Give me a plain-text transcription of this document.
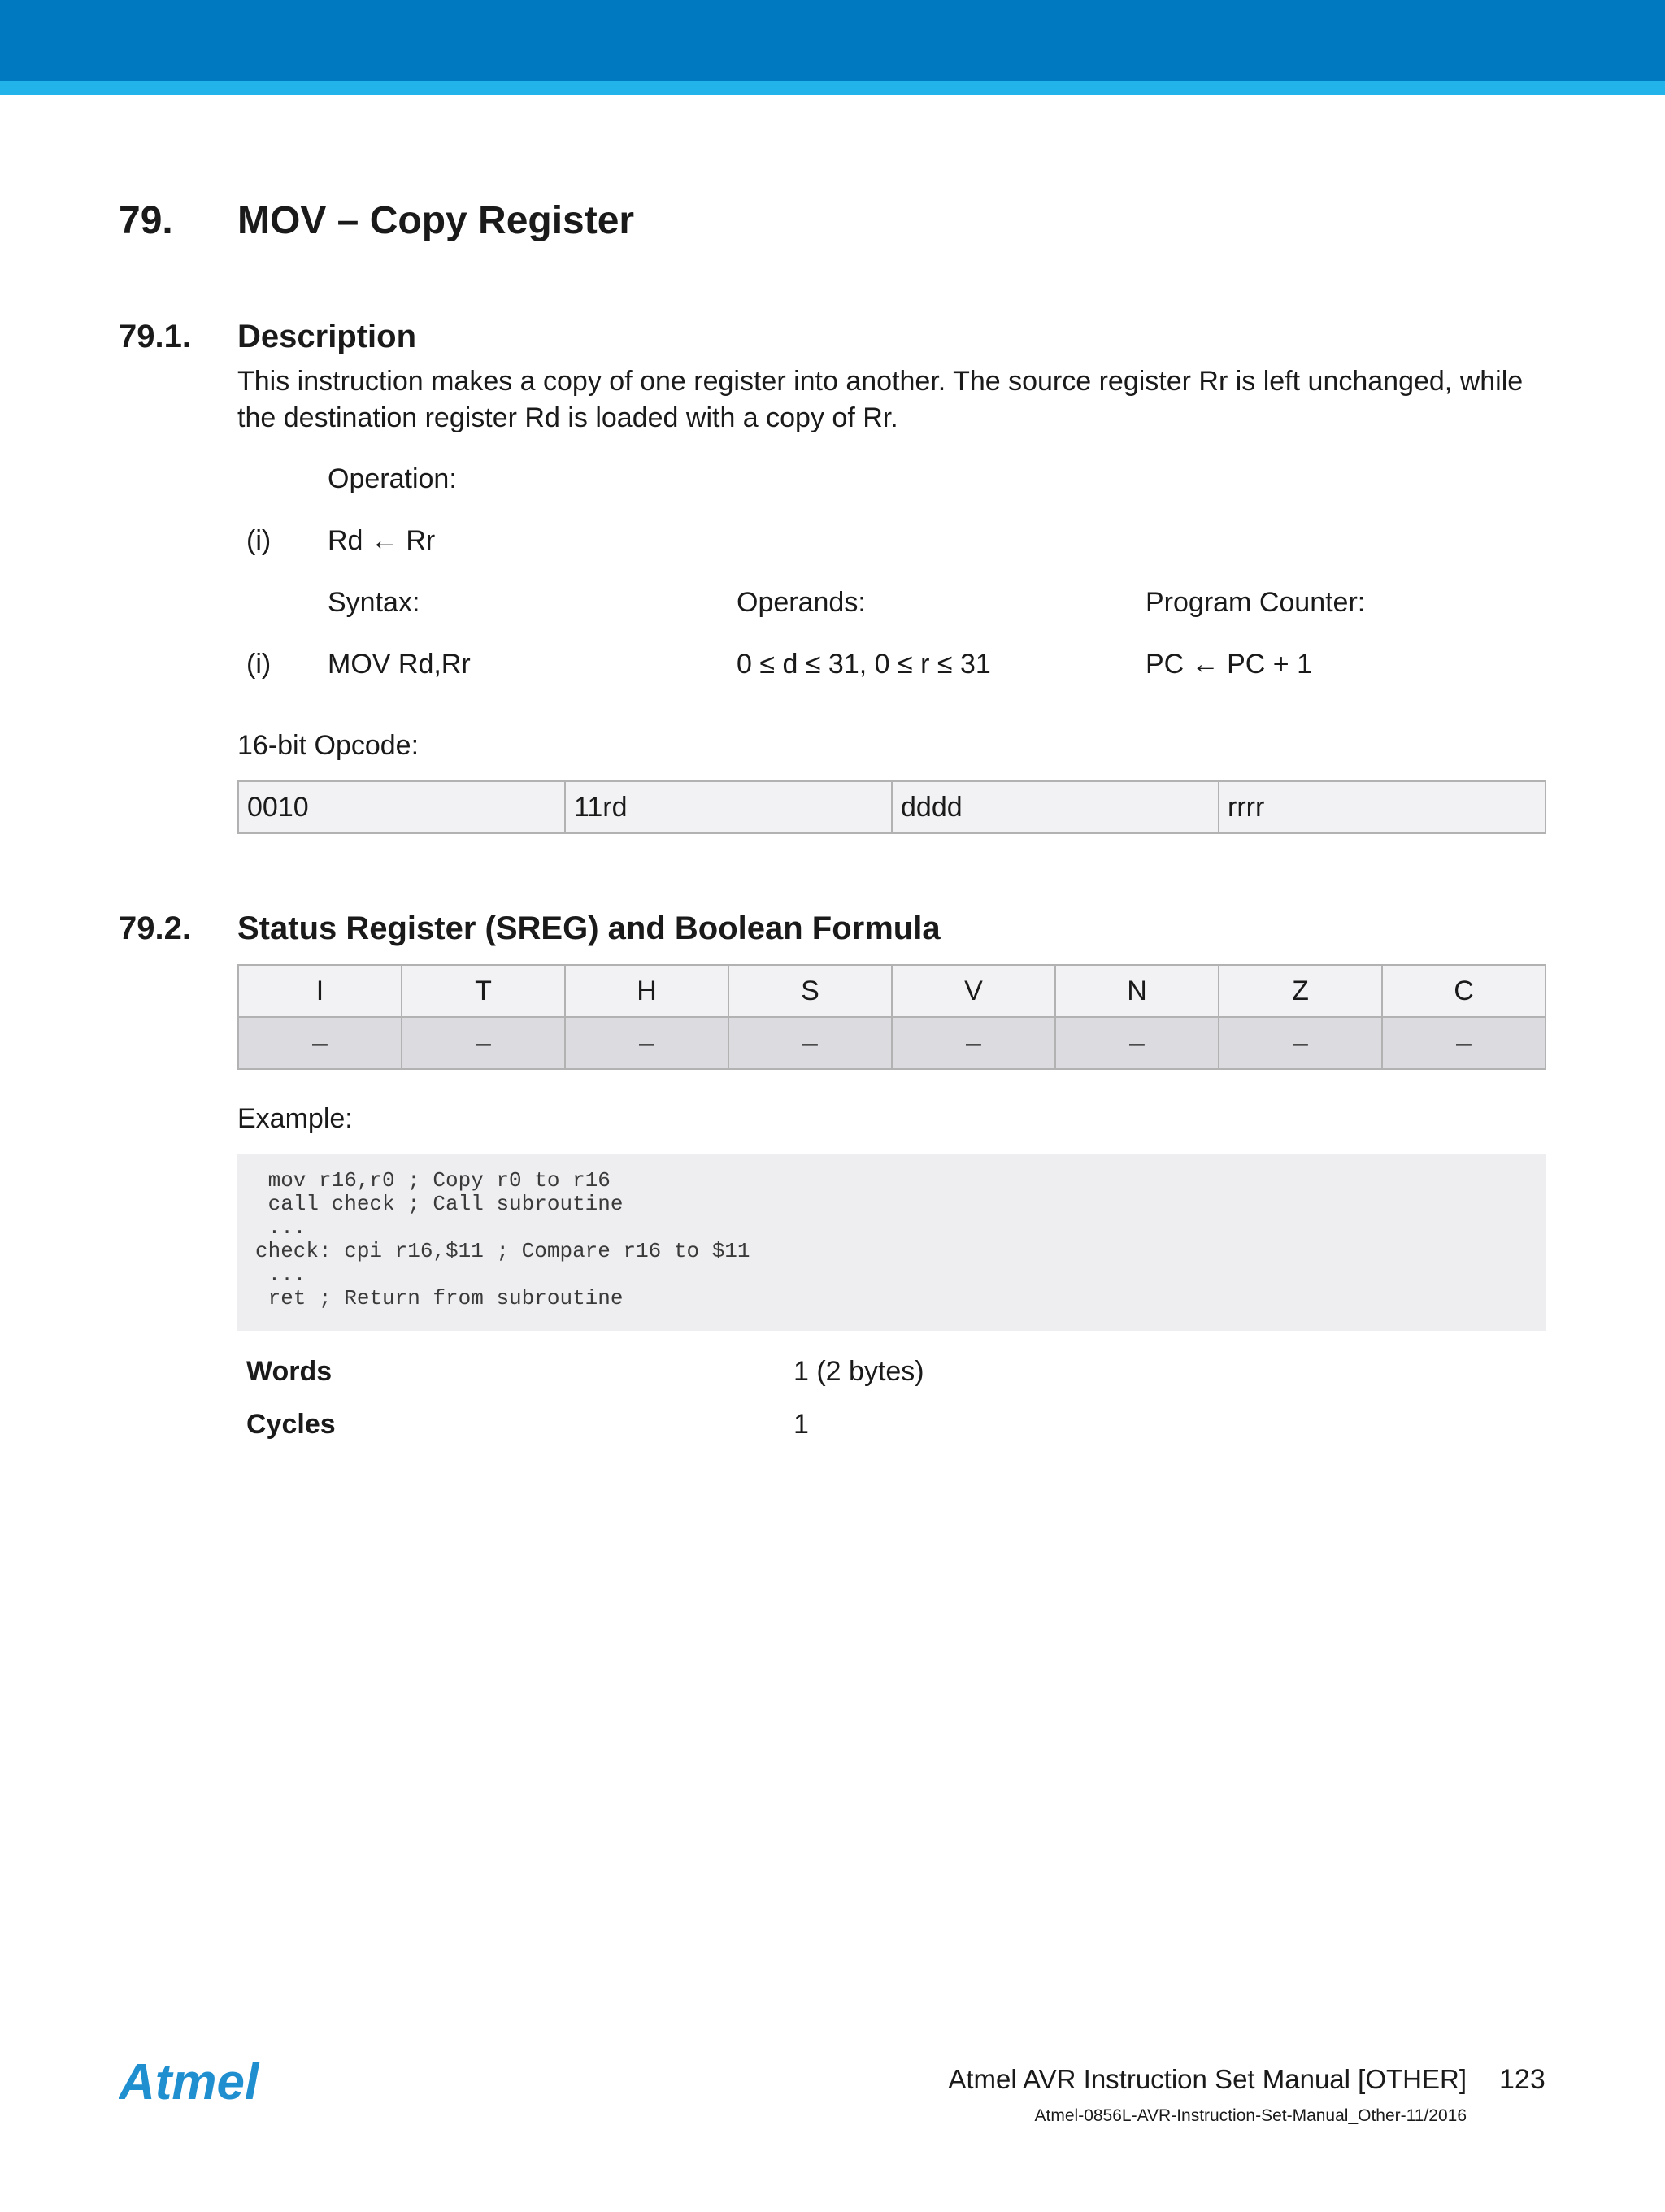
79. MOV – Copy Register
79.1. Description
This instruction makes a copy of one register into another. The source register Rr is left unchanged, while the destination register Rd is loaded with a copy of Rr.
Operation:
(i) Rd ← Rr
Syntax:	Operands:	Program Counter:
(i) MOV Rd,Rr	0 ≤ d ≤ 31, 0 ≤ r ≤ 31	PC ← PC + 1
16-bit Opcode:
0010	11rd	dddd	rrrr
79.2. Status Register (SREG) and Boolean Formula
I	T	H	S	V	N	Z	C
–	–	–	–	–	–	–	–
Example:
mov r16,r0 ; Copy r0 to r16
call check ; Call subroutine
...
check: cpi r16,$11 ; Compare r16 to $11
...
ret ; Return from subroutine
Words	1 (2 bytes)
Cycles	1
Atmel	Atmel AVR Instruction Set Manual [OTHER] 123
Atmel-0856L-AVR-Instruction-Set-Manual_Other-11/2016
